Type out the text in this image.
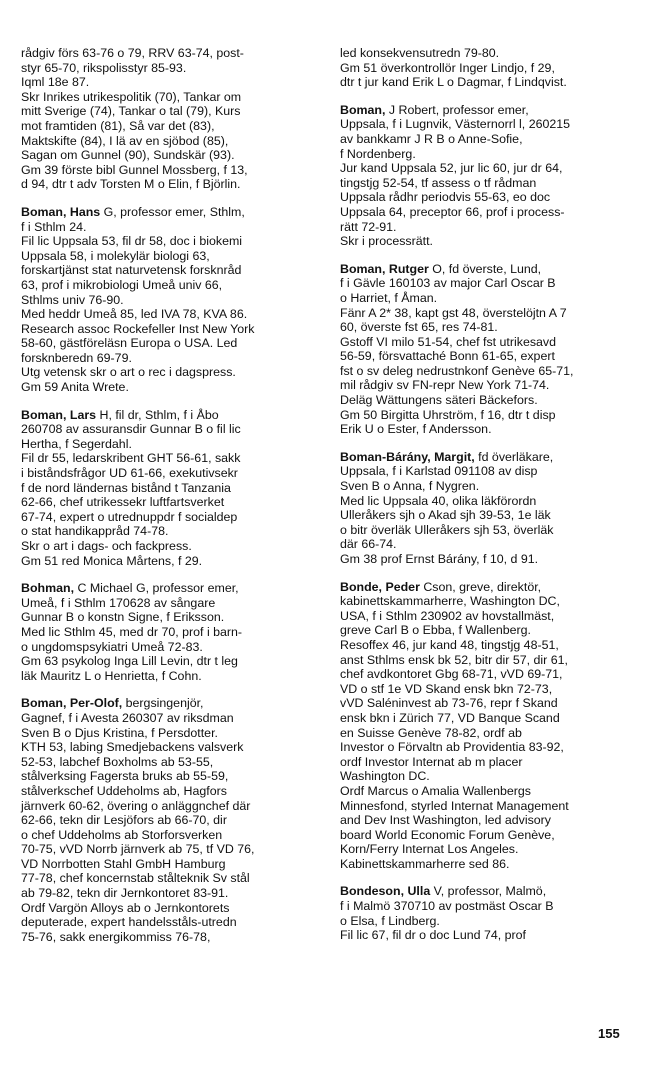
rådgiv förs 63-76 o 79, RRV 63-74, post-
styr 65-70, rikspolisstyr 85-93.
Iqml 18e 87.
Skr Inrikes utrikespolitik (70), Tankar om
mitt Sverige (74), Tankar o tal (79), Kurs
mot framtiden (81), Så var det (83),
Maktskifte (84), I lä av en sjöbod (85),
Sagan om Gunnel (90), Sundskär (93).
Gm 39 förste bibl Gunnel Mossberg, f 13,
d 94, dtr t adv Torsten M o Elin, f Björlin.
Boman, Hans G, professor emer, Sthlm,
f i Sthlm 24.
Fil lic Uppsala 53, fil dr 58, doc i biokemi
Uppsala 58, i molekylär biologi 63,
forskartjänst stat naturvetensk forsknråd
63, prof i mikrobiologi Umeå univ 66,
Sthlms univ 76-90.
Med heddr Umeå 85, led IVA 78, KVA 86.
Research assoc Rockefeller Inst New York
58-60, gästföreläsn Europa o USA. Led
forsknberedn 69-79.
Utg vetensk skr o art o rec i dagspress.
Gm 59 Anita Wrete.
Boman, Lars H, fil dr, Sthlm, f i Åbo
260708 av assuransdir Gunnar B o fil lic
Hertha, f Segerdahl.
Fil dr 55, ledarskribent GHT 56-61, sakk
i biståndsfrågor UD 61-66, exekutivsekr
f de nord ländernas bistånd t Tanzania
62-66, chef utrikessekr luftfartsverket
67-74, expert o utrednuppdr f socialdep
o stat handikappråd 74-78.
Skr o art i dags- och fackpress.
Gm 51 red Monica Mårtens, f 29.
Bohman, C Michael G, professor emer,
Umeå, f i Sthlm 170628 av sångare
Gunnar B o konstn Signe, f Eriksson.
Med lic Sthlm 45, med dr 70, prof i barn-
o ungdomspsykiatri Umeå 72-83.
Gm 63 psykolog Inga Lill Levin, dtr t leg
läk Mauritz L o Henrietta, f Cohn.
Boman, Per-Olof, bergsingenjör,
Gagnef, f i Avesta 260307 av riksdman
Sven B o Djus Kristina, f Persdotter.
KTH 53, labing Smedjebackens valsverk
52-53, labchef Boxholms ab 53-55,
stålverksing Fagersta bruks ab 55-59,
stålverkschef Uddeholms ab, Hagfors
järnverk 60-62, övering o anläggnchef där
62-66, tekn dir Lesjöfors ab 66-70, dir
o chef Uddeholms ab Storforsverken
70-75, vVD Norrb järnverk ab 75, tf VD 76,
VD Norrbotten Stahl GmbH Hamburg
77-78, chef koncernstab stålteknik Sv stål
ab 79-82, tekn dir Jernkontoret 83-91.
Ordf Vargön Alloys ab o Jernkontorets
deputerade, expert handelsståls-utredn
75-76, sakk energikommiss 76-78,
led konsekvensutredn 79-80.
Gm 51 överkontrollör Inger Lindjo, f 29,
dtr t jur kand Erik L o Dagmar, f Lindqvist.
Boman, J Robert, professor emer,
Uppsala, f i Lugnvik, Västernorrl l, 260215
av bankkamr J R B o Anne-Sofie,
f Nordenberg.
Jur kand Uppsala 52, jur lic 60, jur dr 64,
tingstjg 52-54, tf assess o tf rådman
Uppsala rådhr periodvis 55-63, eo doc
Uppsala 64, preceptor 66, prof i process-
rätt 72-91.
Skr i processrätt.
Boman, Rutger O, fd överste, Lund,
f i Gävle 160103 av major Carl Oscar B
o Harriet, f Åman.
Fänr A 2* 38, kapt gst 48, överstelöjtn A 7
60, överste fst 65, res 74-81.
Gstoff VI milo 51-54, chef fst utrikesavd
56-59, försvattaché Bonn 61-65, expert
fst o sv deleg nedrustnkonf Genève 65-71,
mil rådgiv sv FN-repr New York 71-74.
Deläg Wättungens säteri Bäckefors.
Gm 50 Birgitta Uhrström, f 16, dtr t disp
Erik U o Ester, f Andersson.
Boman-Bárány, Margit, fd överläkare,
Uppsala, f i Karlstad 091108 av disp
Sven B o Anna, f Nygren.
Med lic Uppsala 40, olika läkförordn
Ulleråkers sjh o Akad sjh 39-53, 1e läk
o bitr överläk Ulleråkers sjh 53, överläk
där 66-74.
Gm 38 prof Ernst Bárány, f 10, d 91.
Bonde, Peder Cson, greve, direktör,
kabinettskammarherre, Washington DC,
USA, f i Sthlm 230902 av hovstallmäst,
greve Carl B o Ebba, f Wallenberg.
Resoffex 46, jur kand 48, tingstjg 48-51,
anst Sthlms ensk bk 52, bitr dir 57, dir 61,
chef avdkontoret Gbg 68-71, vVD 69-71,
VD o stf 1e VD Skand ensk bkn 72-73,
vVD Saléninvest ab 73-76, repr f Skand
ensk bkn i Zürich 77, VD Banque Scand
en Suisse Genève 78-82, ordf ab
Investor o Förvaltn ab Providentia 83-92,
ordf Investor Internat ab m placer
Washington DC.
Ordf Marcus o Amalia Wallenbergs
Minnesfond, styrled Internat Management
and Dev Inst Washington, led advisory
board World Economic Forum Genève,
Korn/Ferry Internat Los Angeles.
Kabinettskammarherre sed 86.
Bondeson, Ulla V, professor, Malmö,
f i Malmö 370710 av postmäst Oscar B
o Elsa, f Lindberg.
Fil lic 67, fil dr o doc Lund 74, prof
155
